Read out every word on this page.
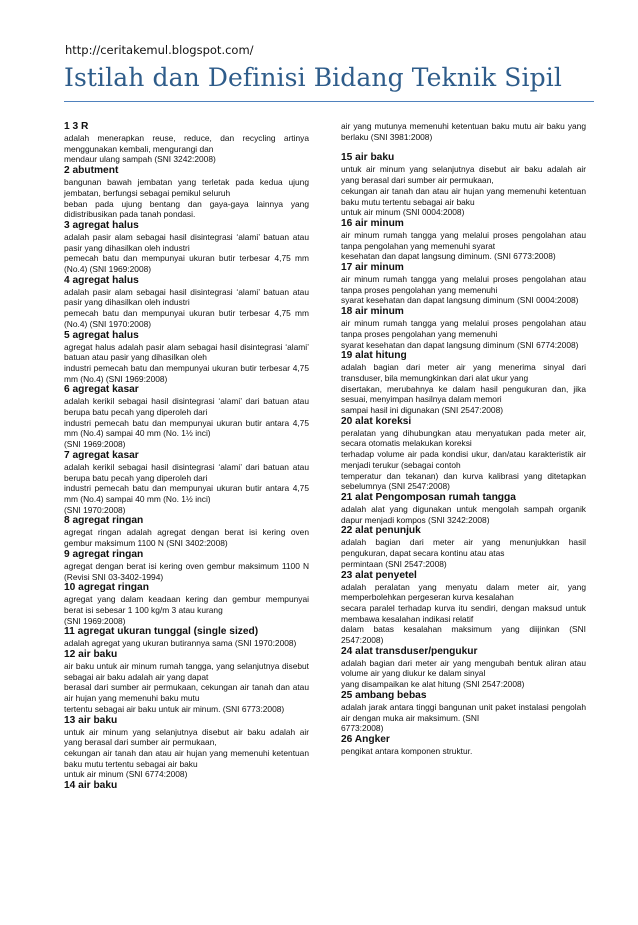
http://ceritakemul.blogspot.com/
Istilah dan Definisi Bidang Teknik Sipil
1 3 R

adalah menerapkan reuse, reduce, dan recycling artinya menggunakan kembali, mengurangi dan

mendaur ulang sampah (SNI 3242:2008)

2 abutment

bangunan bawah jembatan yang terletak pada kedua ujung jembatan, berfungsi sebagai pemikul seluruh

beban pada ujung bentang dan gaya-gaya lainnya yang didistribusikan pada tanah pondasi.

3 agregat halus

adalah pasir alam sebagai hasil disintegrasi ‘alami’ batuan atau pasir yang dihasilkan oleh industri

pemecah batu dan mempunyai ukuran butir terbesar 4,75 mm (No.4) (SNI 1969:2008)

4 agregat halus

adalah pasir alam sebagai hasil disintegrasi ‘alami’ batuan atau pasir yang dihasilkan oleh industri

pemecah batu dan mempunyai ukuran butir terbesar 4,75 mm (No.4) (SNI 1970:2008)

5 agregat halus

agregat halus adalah pasir alam sebagai hasil disintegrasi ‘alami’ batuan atau pasir yang dihasilkan oleh

industri pemecah batu dan mempunyai ukuran butir terbesar 4,75 mm (No.4) (SNI 1969:2008)

6 agregat kasar

adalah kerikil sebagai hasil disintegrasi ‘alami’ dari batuan atau berupa batu pecah yang diperoleh dari

industri pemecah batu dan mempunyai ukuran butir antara 4,75 mm (No.4) sampai 40 mm (No. 1½ inci)

(SNI 1969:2008)

7 agregat kasar

adalah kerikil sebagai hasil disintegrasi ‘alami’ dari batuan atau berupa batu pecah yang diperoleh dari

industri pemecah batu dan mempunyai ukuran butir antara 4,75 mm (No.4) sampai 40 mm (No. 1½ inci)

(SNI 1970:2008)

8 agregat ringan

agregat ringan adalah agregat dengan berat isi kering oven gembur maksimum 1100 N (SNI 3402:2008)

9 agregat ringan

agregat dengan berat isi kering oven gembur maksimum 1100 N (Revisi SNI 03-3402-1994)

10 agregat ringan

agregat yang dalam keadaan kering dan gembur mempunyai berat isi sebesar 1 100 kg/m 3 atau kurang

(SNI 1969:2008)

11 agregat ukuran tunggal (single sized)

adalah agregat yang ukuran butirannya sama (SNI 1970:2008)

12 air baku

air baku untuk air minum rumah tangga, yang selanjutnya disebut sebagai air baku adalah air yang dapat

berasal dari sumber air permukaan, cekungan air tanah dan atau air hujan yang memenuhi baku mutu

tertentu sebagai air baku untuk air minum. (SNI 6773:2008)

13 air baku

untuk air minum yang selanjutnya disebut air baku adalah air yang berasal dari sumber air permukaan,

cekungan air tanah dan atau air hujan yang memenuhi ketentuan baku mutu tertentu sebagai air baku

untuk air minum (SNI 6774:2008)

14 air baku

air yang mutunya memenuhi ketentuan baku mutu air baku yang berlaku (SNI 3981:2008)

15 air baku

untuk air minum yang selanjutnya disebut air baku adalah air yang berasal dari sumber air permukaan,

cekungan air tanah dan atau air hujan yang memenuhi ketentuan baku mutu tertentu sebagai air baku

untuk air minum (SNI 0004:2008)

16 air minum

air minum rumah tangga yang melalui proses pengolahan atau tanpa pengolahan yang memenuhi syarat

kesehatan dan dapat langsung diminum. (SNI 6773:2008)

17 air minum

air minum rumah tangga yang melalui proses pengolahan atau tanpa proses pengolahan yang memenuhi

syarat kesehatan dan dapat langsung diminum (SNI 0004:2008)

18 air minum

air minum rumah tangga yang melalui proses pengolahan atau tanpa proses pengolahan yang memenuhi

syarat kesehatan dan dapat langsung diminum (SNI 6774:2008)

19 alat hitung

adalah bagian dari meter air yang menerima sinyal dari transduser, bila memungkinkan dari alat ukur yang

disertakan, merubahnya ke dalam hasil pengukuran dan, jika sesuai, menyimpan hasilnya dalam memori

sampai hasil ini digunakan (SNI 2547:2008)

20 alat koreksi

peralatan yang dihubungkan atau menyatukan pada meter air, secara otomatis melakukan koreksi

terhadap volume air pada kondisi ukur, dan/atau karakteristik air menjadi terukur (sebagai contoh

temperatur dan tekanan) dan kurva kalibrasi yang ditetapkan sebelumnya (SNI 2547:2008)

21 alat Pengomposan rumah tangga

adalah alat yang digunakan untuk mengolah sampah organik dapur menjadi kompos (SNI 3242:2008)

22 alat penunjuk

adalah bagian dari meter air yang menunjukkan hasil pengukuran, dapat secara kontinu atau atas

permintaan (SNI 2547:2008)

23 alat penyetel

adalah peralatan yang menyatu dalam meter air, yang memperbolehkan pergeseran kurva kesalahan

secara paralel terhadap kurva itu sendiri, dengan maksud untuk membawa kesalahan indikasi relatif

dalam batas kesalahan maksimum yang diijinkan (SNI 2547:2008)

24 alat transduser/pengukur

adalah bagian dari meter air yang mengubah bentuk aliran atau volume air yang diukur ke dalam sinyal

yang disampaikan ke alat hitung (SNI 2547:2008)

25 ambang bebas

adalah jarak antara tinggi bangunan unit paket instalasi pengolah air dengan muka air maksimum. (SNI

6773:2008)

26 Angker

pengikat antara komponen struktur.
